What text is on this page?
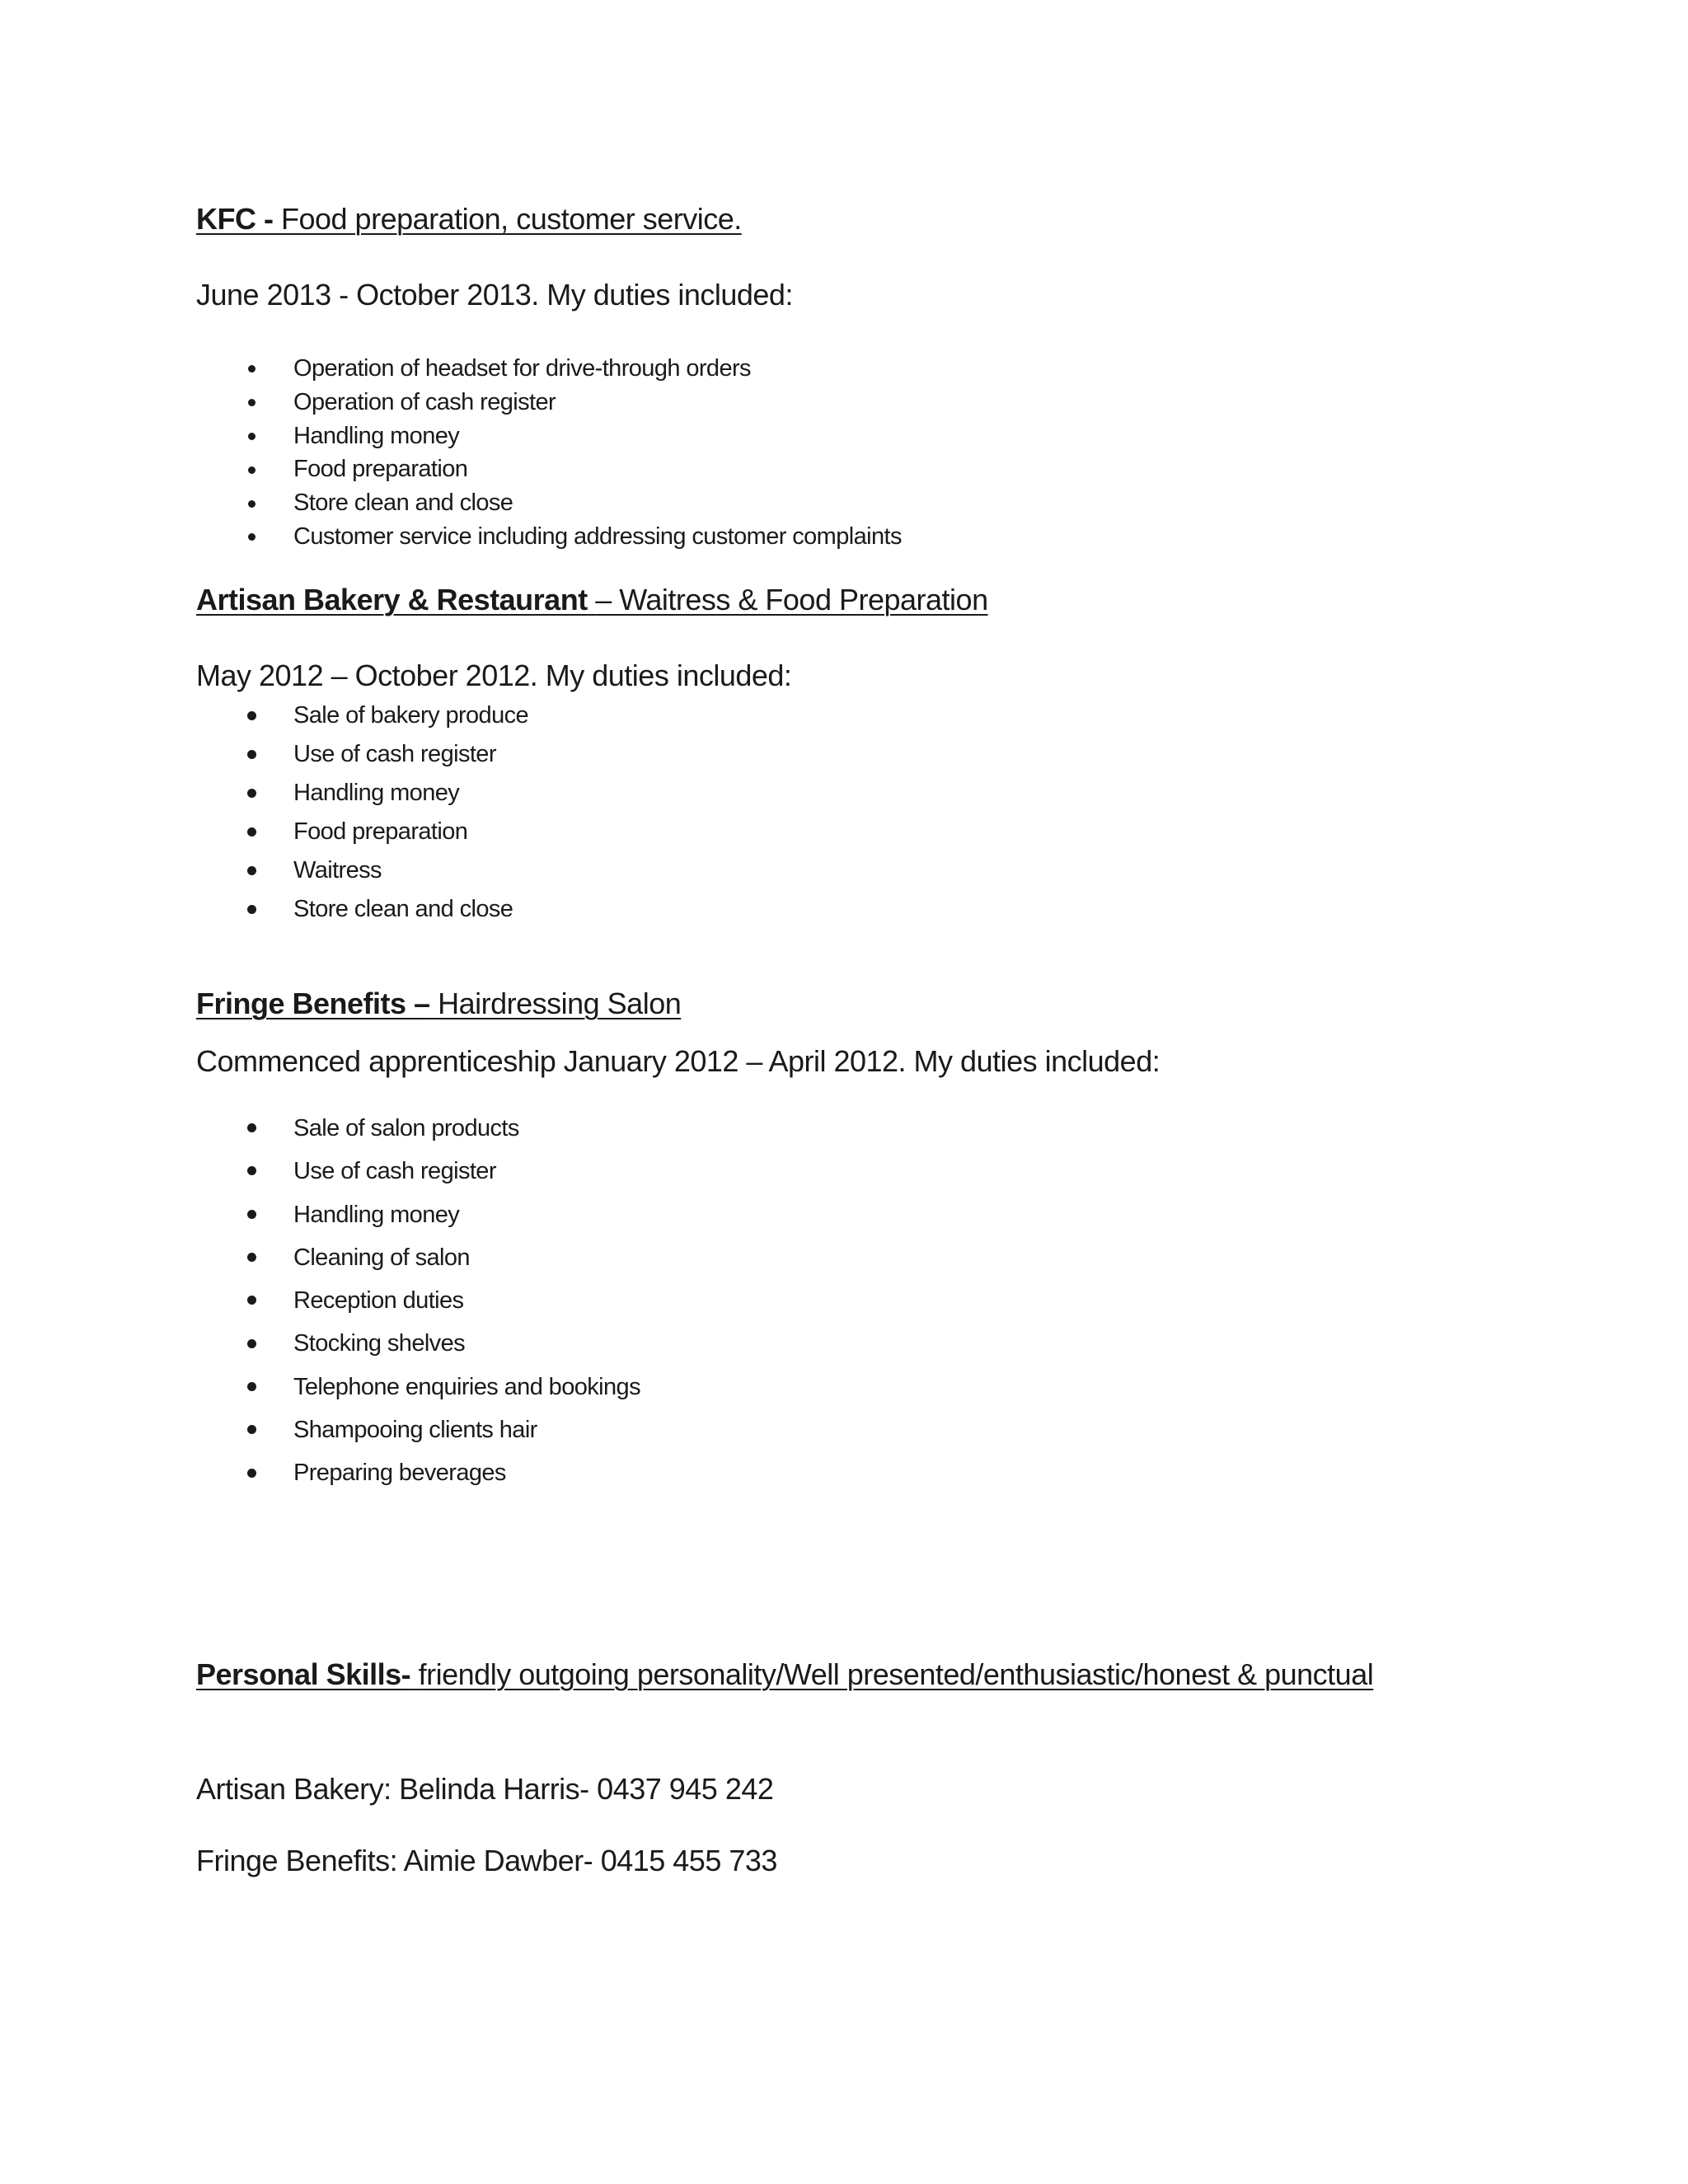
KFC - Food preparation, customer service.
June 2013 - October 2013. My duties included:
Operation of headset for drive-through orders
Operation of cash register
Handling money
Food preparation
Store clean and close
Customer service including addressing customer complaints
Artisan Bakery & Restaurant – Waitress & Food Preparation
May 2012 – October 2012. My duties included:
Sale of bakery produce
Use of cash register
Handling money
Food preparation
Waitress
Store clean and close
Fringe Benefits – Hairdressing Salon
Commenced apprenticeship January 2012 – April 2012. My duties included:
Sale of salon products
Use of cash register
Handling money
Cleaning of salon
Reception duties
Stocking shelves
Telephone enquiries and bookings
Shampooing clients hair
Preparing beverages
Personal Skills- friendly outgoing personality/Well presented/enthusiastic/honest & punctual
Artisan Bakery: Belinda Harris- 0437 945 242
Fringe Benefits: Aimie Dawber- 0415 455 733
